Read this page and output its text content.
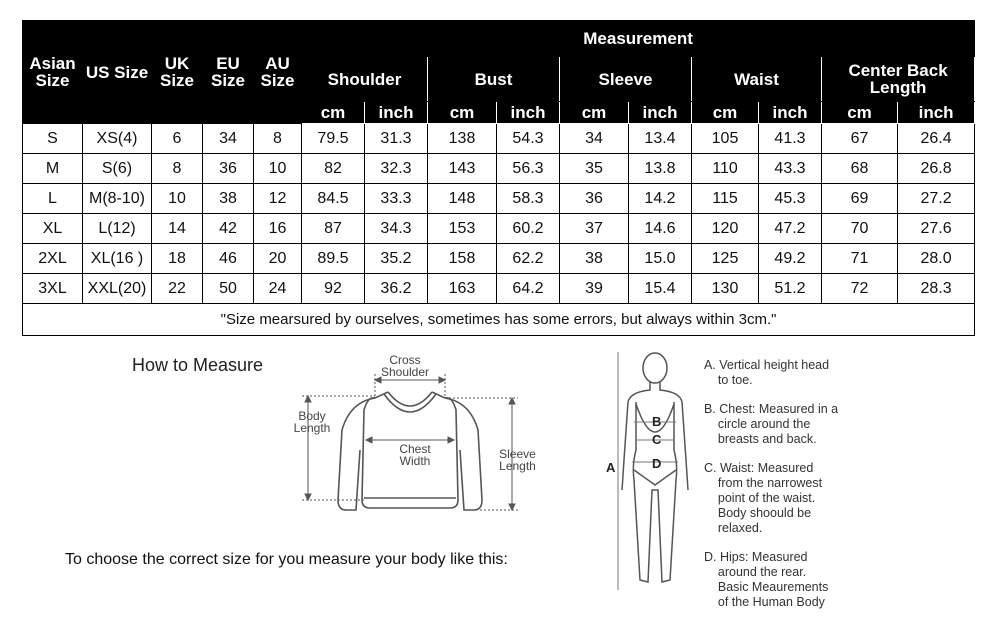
Asian Size	US Size	UK Size	EU Size	AU Size	Measurement									
					Shoulder		Bust		Sleeve		Waist		Center Back Length	
					cm	inch	cm	inch	cm	inch	cm	inch	cm	inch
S	XS(4)	6	34	8	79.5	31.3	138	54.3	34	13.4	105	41.3	67	26.4
M	S(6)	8	36	10	82	32.3	143	56.3	35	13.8	110	43.3	68	26.8
L	M(8-10)	10	38	12	84.5	33.3	148	58.3	36	14.2	115	45.3	69	27.2
XL	L(12)	14	42	16	87	34.3	153	60.2	37	14.6	120	47.2	70	27.6
2XL	XL(16 )	18	46	20	89.5	35.2	158	62.2	38	15.0	125	49.2	71	28.0
3XL	XXL(20)	22	50	24	92	36.2	163	64.2	39	15.4	130	51.2	72	28.3
"Size mearsured by ourselves, sometimes has some errors, but always within 3cm."														
How to Measure	Cross Shoulder
Body Length
Chest Width	Sleeve Length
To choose the correct size for you measure your body like this:
A
B
C
D
A. Vertical height head
to toe.
B. Chest: Measured in a
circle around the
breasts and back.
C. Waist: Measured
from the narrowest
point of the waist.
Body shoould be
relaxed.
D. Hips: Measured
around the rear.
Basic Meaurements
of the Human Body
